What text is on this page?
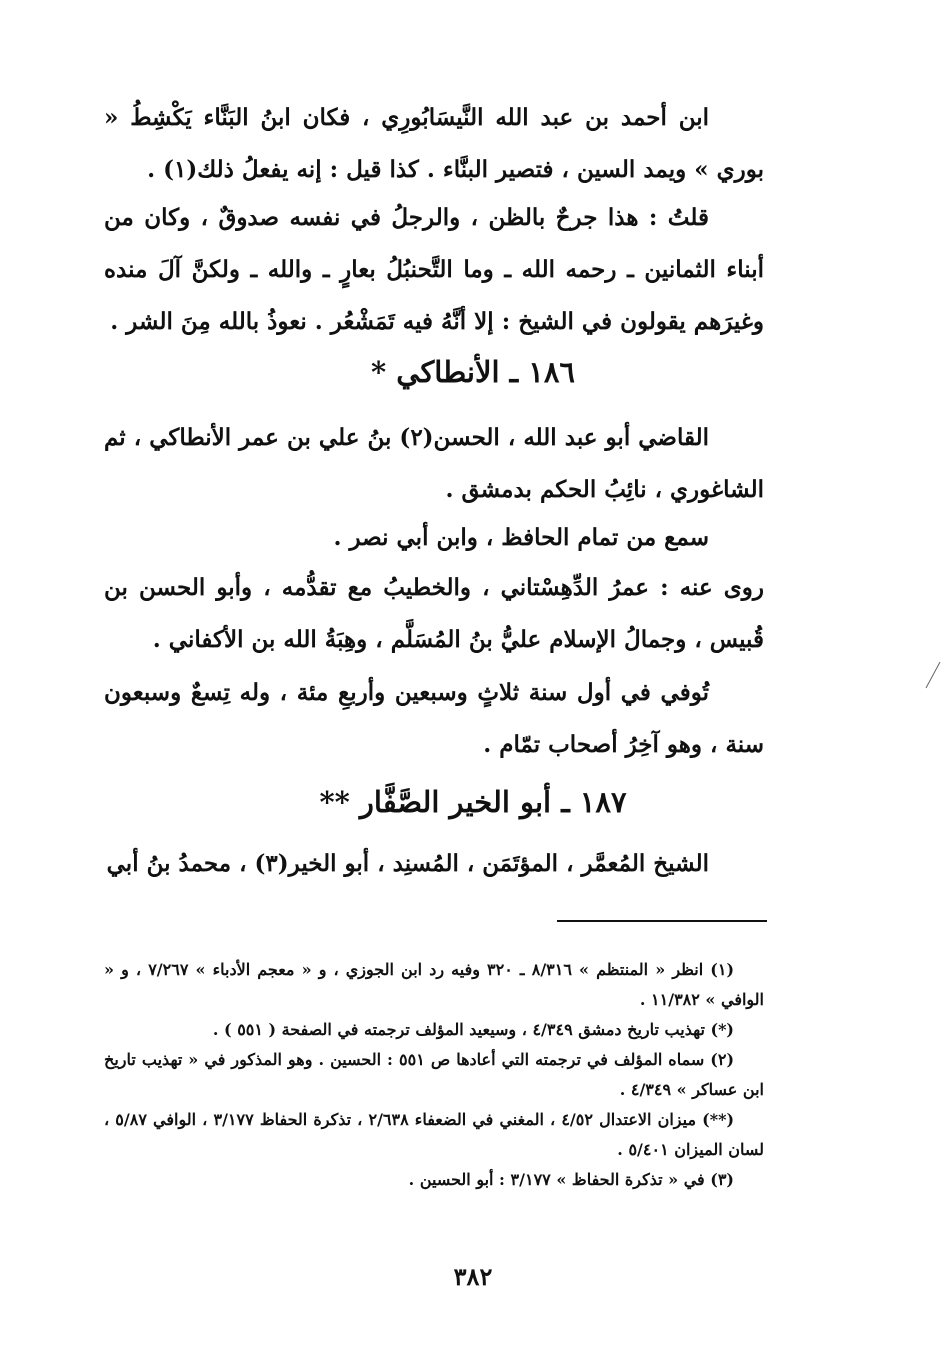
ابن أحمد بن عبد الله النَّيسَابُورِي ، فكان ابنُ البَنَّاء يَكْشِطُ « بوري » ويمد السين ، فتصير البنَّاء . كذا قيل : إنه يفعلُ ذلك(١) .
قلتُ : هذا جرحٌ بالظن ، والرجلُ في نفسه صدوقٌ ، وكان من أبناء الثمانين ـ رحمه الله ـ وما التَّحنبُلُ بعارٍ ـ والله ـ ولكنَّ آلَ منده وغيرَهم يقولون في الشيخ : إلا أنَّهُ فيه تَمَشْعُر . نعوذُ بالله مِنَ الشر .
١٨٦ ـ الأنطاكي *
القاضي أبو عبد الله ، الحسن(٢) بنُ علي بن عمر الأنطاكي ، ثم الشاغوري ، نائِبُ الحكم بدمشق .
سمع من تمام الحافظ ، وابن أبي نصر .
روى عنه : عمرُ الدِّهِسْتاني ، والخطيبُ مع تقدُّمه ، وأبو الحسن بن قُبيس ، وجمالُ الإسلام عليُّ بنُ المُسَلَّم ، وهِبَةُ الله بن الأكفاني .
تُوفي في أول سنة ثلاثٍ وسبعين وأربعِ مئة ، وله تِسعٌ وسبعون سنة ، وهو آخِرُ أصحاب تمّام .
١٨٧ ـ أبو الخير الصَّفَّار **
الشيخ المُعمَّر ، المؤتَمَن ، المُسنِد ، أبو الخير(٣) ، محمدُ بنُ أبي

(١) انظر « المنتظم » ٨/٣١٦ ـ ٣٢٠ وفيه رد ابن الجوزي ، و « معجم الأدباء » ٧/٢٦٧ ، و « الوافي » ١١/٣٨٢ .

(*) تهذيب تاريخ دمشق ٤/٣٤٩ ، وسيعيد المؤلف ترجمته في الصفحة ( ٥٥١ ) .

(٢) سماه المؤلف في ترجمته التي أعادها ص ٥٥١ : الحسين . وهو المذكور في « تهذيب تاريخ ابن عساكر » ٤/٣٤٩ .

(**) ميزان الاعتدال ٤/٥٢ ، المغني في الضعفاء ٢/٦٣٨ ، تذكرة الحفاظ ٣/١٧٧ ، الوافي ٥/٨٧ ، لسان الميزان ٥/٤٠١ .

(٣) في « تذكرة الحفاظ » ٣/١٧٧ : أبو الحسين .

٣٨٢
